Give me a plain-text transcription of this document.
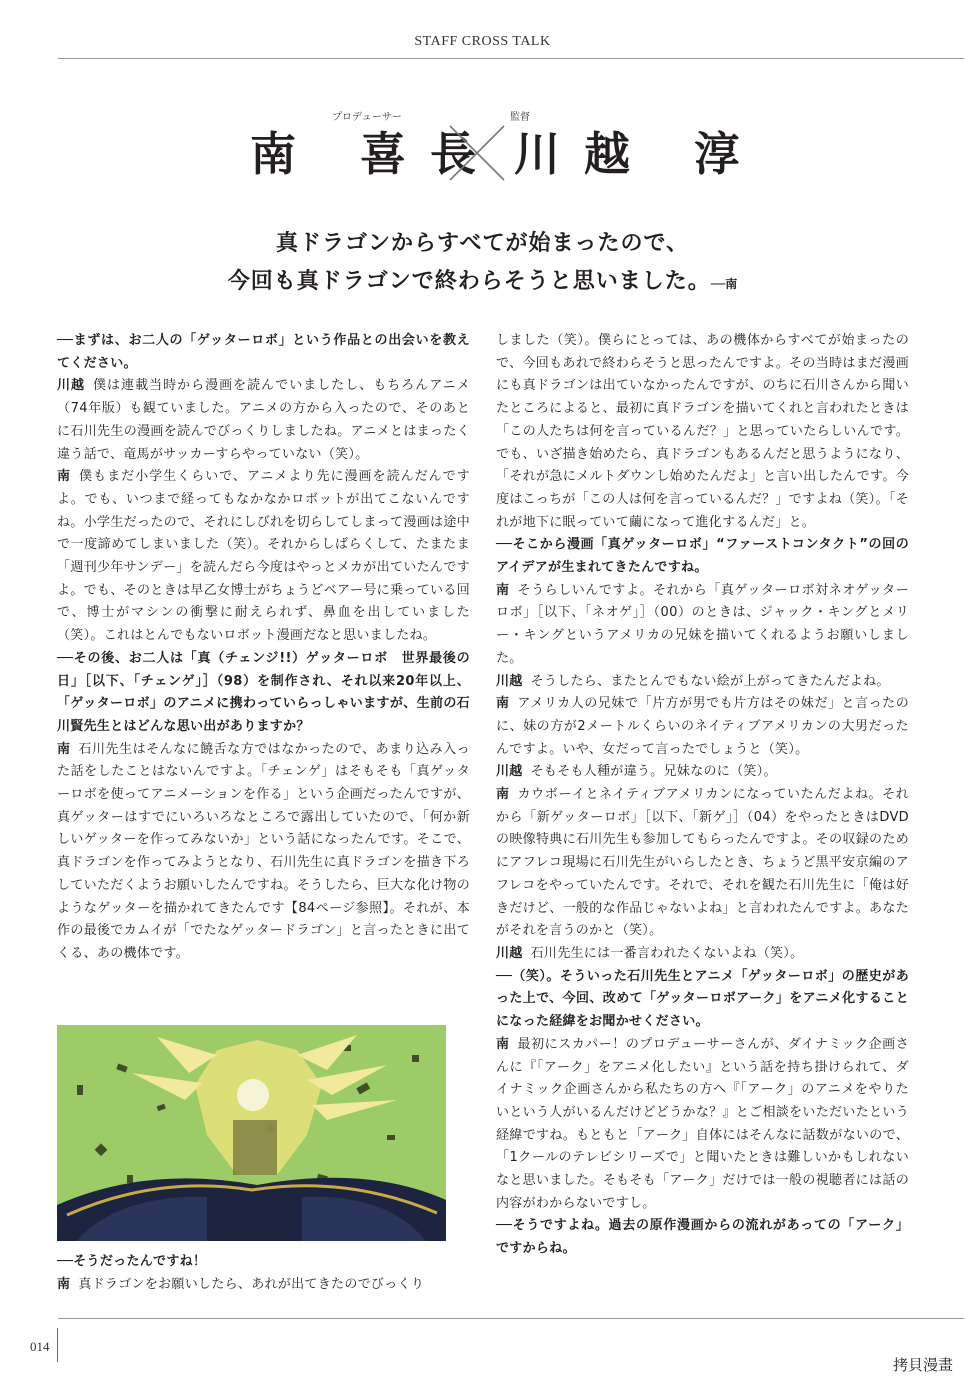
STAFF CROSS TALK
プロデューサー
南 喜長
監督
川越 淳
真ドラゴンからすべてが始まったので、
今回も真ドラゴンで終わらそうと思いました。──南

──まずは、お二人の「ゲッターロボ」という作品との出会いを教えてください。

川越 僕は連載当時から漫画を読んでいましたし、もちろんアニメ（74年版）も観ていました。アニメの方から入ったので、そのあとに石川先生の漫画を読んでびっくりしましたね。アニメとはまったく違う話で、竜馬がサッカーすらやっていない（笑）。

南 僕もまだ小学生くらいで、アニメより先に漫画を読んだんですよ。でも、いつまで経ってもなかなかロボットが出てこないんですね。小学生だったので、それにしびれを切らしてしまって漫画は途中で一度諦めてしまいました（笑）。それからしばらくして、たまたま「週刊少年サンデー」を読んだら今度はやっとメカが出ていたんですよ。でも、そのときは早乙女博士がちょうどベアー号に乗っている回で、博士がマシンの衝撃に耐えられず、鼻血を出していました（笑）。これはとんでもないロボット漫画だなと思いましたね。

──その後、お二人は「真（チェンジ!!）ゲッターロボ　世界最後の日」［以下、「チェンゲ」］（98）を制作され、それ以来20年以上、「ゲッターロボ」のアニメに携わっていらっしゃいますが、生前の石川賢先生とはどんな思い出がありますか？

南 石川先生はそんなに饒舌な方ではなかったので、あまり込み入った話をしたことはないんですよ。「チェンゲ」はそもそも「真ゲッターロボを使ってアニメーションを作る」という企画だったんですが、真ゲッターはすでにいろいろなところで露出していたので、「何か新しいゲッターを作ってみないか」という話になったんです。そこで、真ドラゴンを作ってみようとなり、石川先生に真ドラゴンを描き下ろしていただくようお願いしたんですね。そうしたら、巨大な化け物のようなゲッターを描かれてきたんです【84ページ参照】。それが、本作の最後でカムイが「でたなゲッタードラゴン」と言ったときに出てくる、あの機体です。

──そうだったんですね！

南 真ドラゴンをお願いしたら、あれが出てきたのでびっくり

しました（笑）。僕らにとっては、あの機体からすべてが始まったので、今回もあれで終わらそうと思ったんですよ。その当時はまだ漫画にも真ドラゴンは出ていなかったんですが、のちに石川さんから聞いたところによると、最初に真ドラゴンを描いてくれと言われたときは「この人たちは何を言っているんだ？」と思っていたらしいんです。でも、いざ描き始めたら、真ドラゴンもあるんだと思うようになり、「それが急にメルトダウンし始めたんだよ」と言い出したんです。今度はこっちが「この人は何を言っているんだ？」ですよね（笑）。「それが地下に眠っていて繭になって進化するんだ」と。

──そこから漫画「真ゲッターロボ」“ファーストコンタクト”の回のアイデアが生まれてきたんですね。

南 そうらしいんですよ。それから「真ゲッターロボ対ネオゲッターロボ」［以下、「ネオゲ」］（00）のときは、ジャック・キングとメリー・キングというアメリカの兄妹を描いてくれるようお願いしました。

川越 そうしたら、またとんでもない絵が上がってきたんだよね。

南 アメリカ人の兄妹で「片方が男でも片方はその妹だ」と言ったのに、妹の方が2メートルくらいのネイティブアメリカンの大男だったんですよ。いや、女だって言ったでしょうと（笑）。

川越 そもそも人種が違う。兄妹なのに（笑）。

南 カウボーイとネイティブアメリカンになっていたんだよね。それから「新ゲッターロボ」［以下、「新ゲ」］（04）をやったときはDVDの映像特典に石川先生も参加してもらったんですよ。その収録のためにアフレコ現場に石川先生がいらしたとき、ちょうど黒平安京編のアフレコをやっていたんです。それで、それを観た石川先生に「俺は好きだけど、一般的な作品じゃないよね」と言われたんですよ。あなたがそれを言うのかと（笑）。

川越 石川先生には一番言われたくないよね（笑）。

──（笑）。そういった石川先生とアニメ「ゲッターロボ」の歴史があった上で、今回、改めて「ゲッターロボアーク」をアニメ化することになった経緯をお聞かせください。

南 最初にスカパー！のプロデューサーさんが、ダイナミック企画さんに『「アーク」をアニメ化したい』という話を持ち掛けられて、ダイナミック企画さんから私たちの方へ『「アーク」のアニメをやりたいという人がいるんだけどどうかな？』とご相談をいただいたという経緯ですね。もともと「アーク」自体にはそんなに話数がないので、「1クールのテレビシリーズで」と聞いたときは難しいかもしれないなと思いました。そもそも「アーク」だけでは一般の視聴者には話の内容がわからないですし。

──そうですよね。過去の原作漫画からの流れがあっての「アーク」ですからね。

014
拷貝漫畫
